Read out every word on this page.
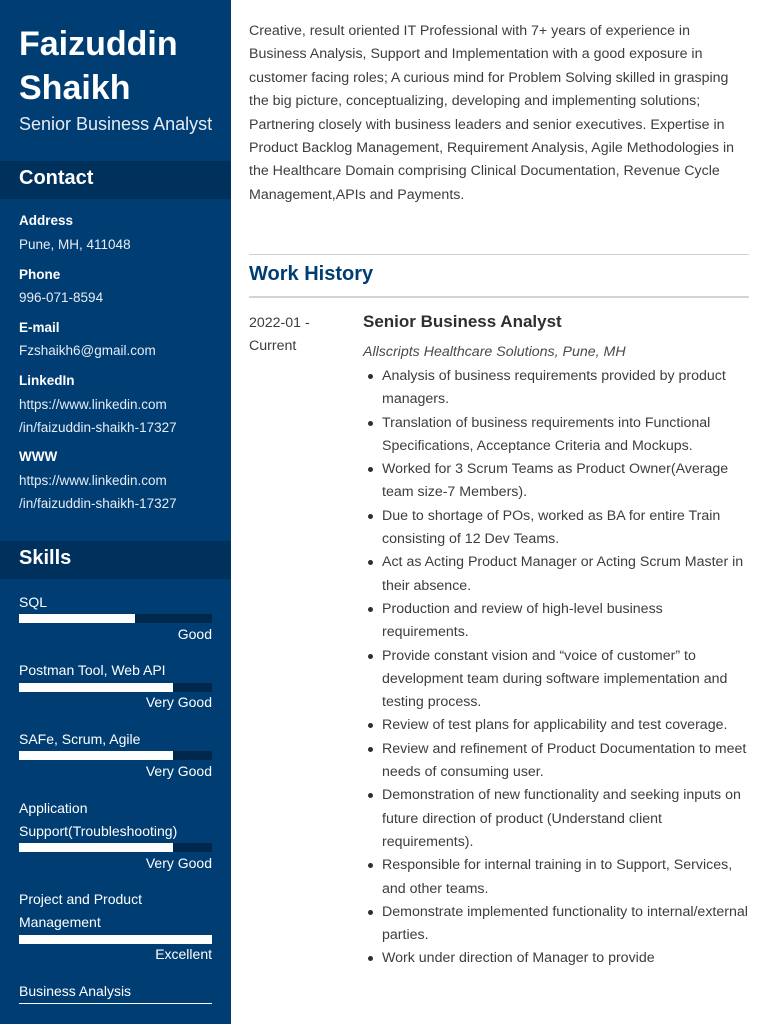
Faizuddin
Shaikh
Senior Business Analyst
Contact
Address
Pune, MH, 411048
Phone
996-071-8594
E-mail
Fzshaikh6@gmail.com
LinkedIn
https://www.linkedin.com
/in/faizuddin-shaikh-17327
WWW
https://www.linkedin.com
/in/faizuddin-shaikh-17327
Skills
SQL
Good
Postman Tool, Web API
Very Good
SAFe, Scrum, Agile
Very Good
Application
Support(Troubleshooting)
Very Good
Project and Product
Management
Excellent
Business Analysis

Creative, result oriented IT Professional with 7+ years of experience in Business Analysis, Support and Implementation with a good exposure in customer facing roles; A curious mind for Problem Solving skilled in grasping the big picture, conceptualizing, developing and implementing solutions; Partnering closely with business leaders and senior executives. Expertise in Product Backlog Management, Requirement Analysis, Agile Methodologies in the Healthcare Domain comprising Clinical Documentation, Revenue Cycle Management,APIs and Payments.

Work History
2022-01 -
Current
Senior Business Analyst
Allscripts Healthcare Solutions, Pune, MH
Analysis of business requirements provided by product managers.
Translation of business requirements into Functional Specifications, Acceptance Criteria and Mockups.
Worked for 3 Scrum Teams as Product Owner(Average team size-7 Members).
Due to shortage of POs, worked as BA for entire Train consisting of 12 Dev Teams.
Act as Acting Product Manager or Acting Scrum Master in their absence.
Production and review of high-level business requirements.
Provide constant vision and “voice of customer” to development team during software implementation and testing process.
Review of test plans for applicability and test coverage.
Review and refinement of Product Documentation to meet needs of consuming user.
Demonstration of new functionality and seeking inputs on future direction of product (Understand client requirements).
Responsible for internal training in to Support, Services, and other teams.
Demonstrate implemented functionality to internal/external parties.
Work under direction of Manager to provide
